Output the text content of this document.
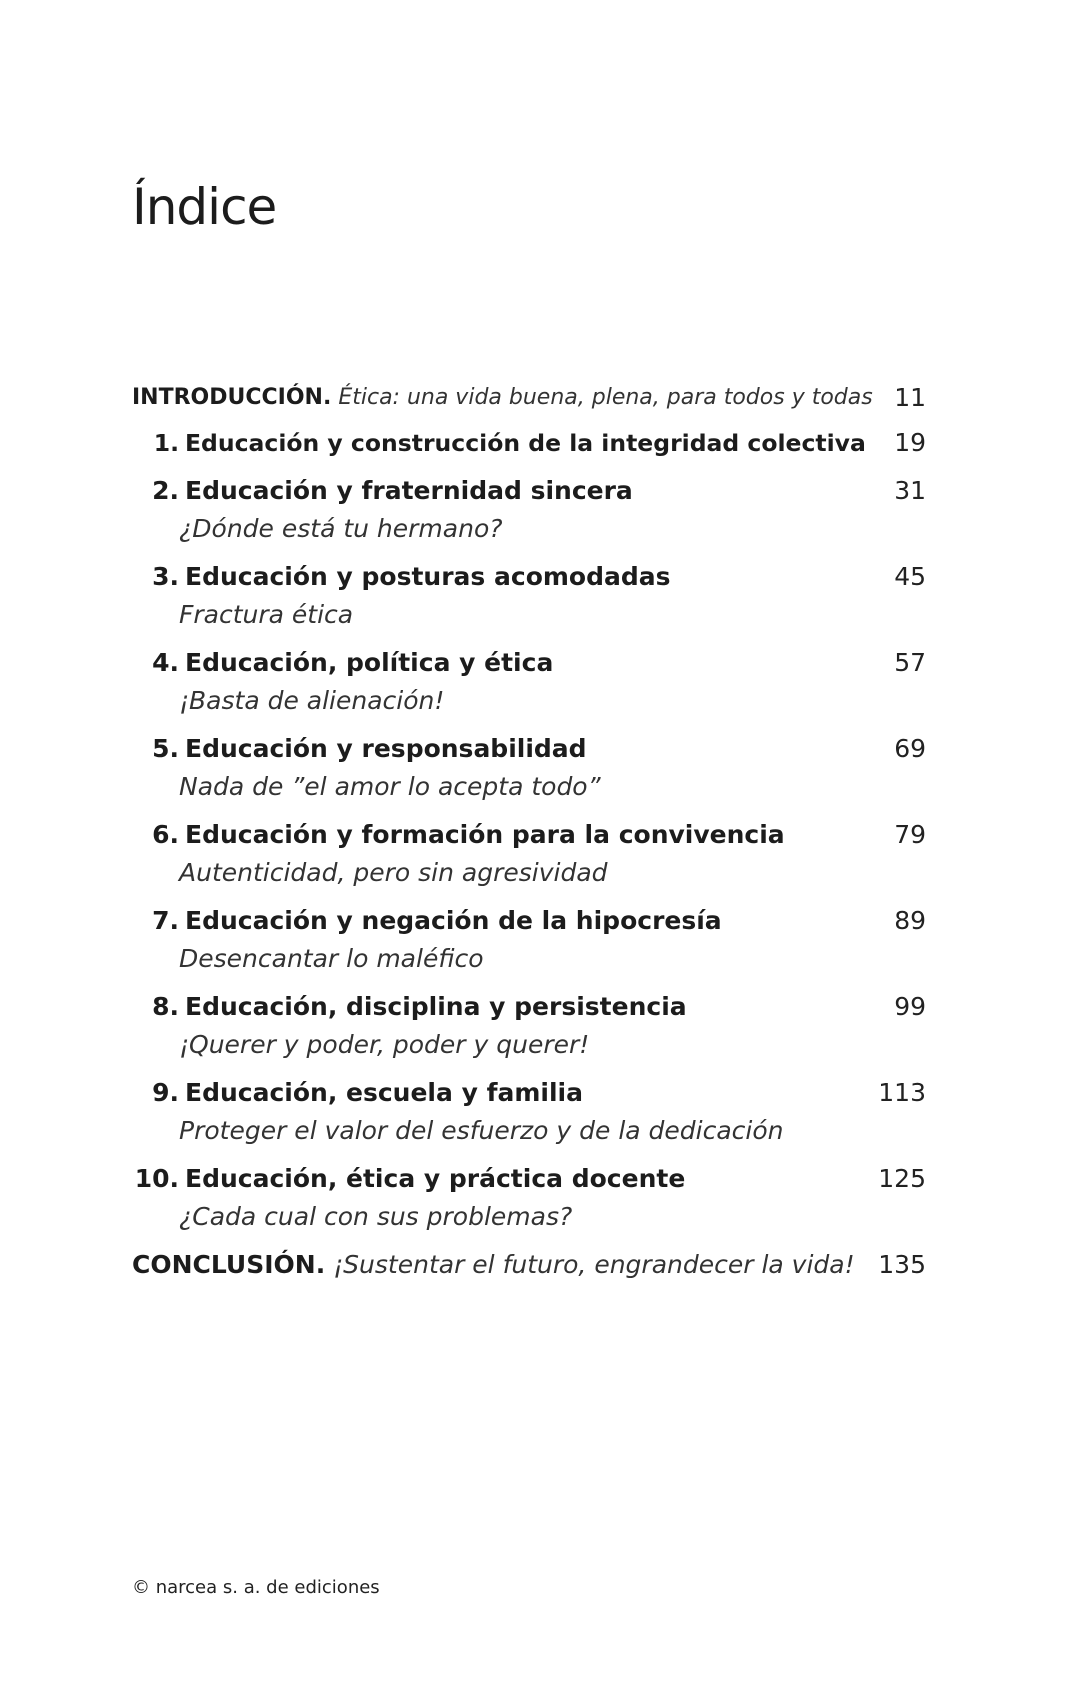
Índice
INTRODUCCIÓN. Ética: una vida buena, plena, para todos y todas 11
1. Educación y construcción de la integridad colectiva 19
2. Educación y fraternidad sincera	31
¿Dónde está tu hermano?
3. Educación y posturas acomodadas	45
Fractura ética
4. Educación, política y ética	57
¡Basta de alienación!
5. Educación y responsabilidad	69
Nada de ”el amor lo acepta todo”
6. Educación y formación para la convivencia	79
Autenticidad, pero sin agresividad
7. Educación y negación de la hipocresía	89
Desencantar lo maléfico
8. Educación, disciplina y persistencia	99
¡Querer y poder, poder y querer!
9. Educación, escuela y familia	113
Proteger el valor del esfuerzo y de la dedicación
10. Educación, ética y práctica docente	125
¿Cada cual con sus problemas?
CONCLUSIÓN. ¡Sustentar el futuro, engrandecer la vida! 135
© narcea s. a. de ediciones
